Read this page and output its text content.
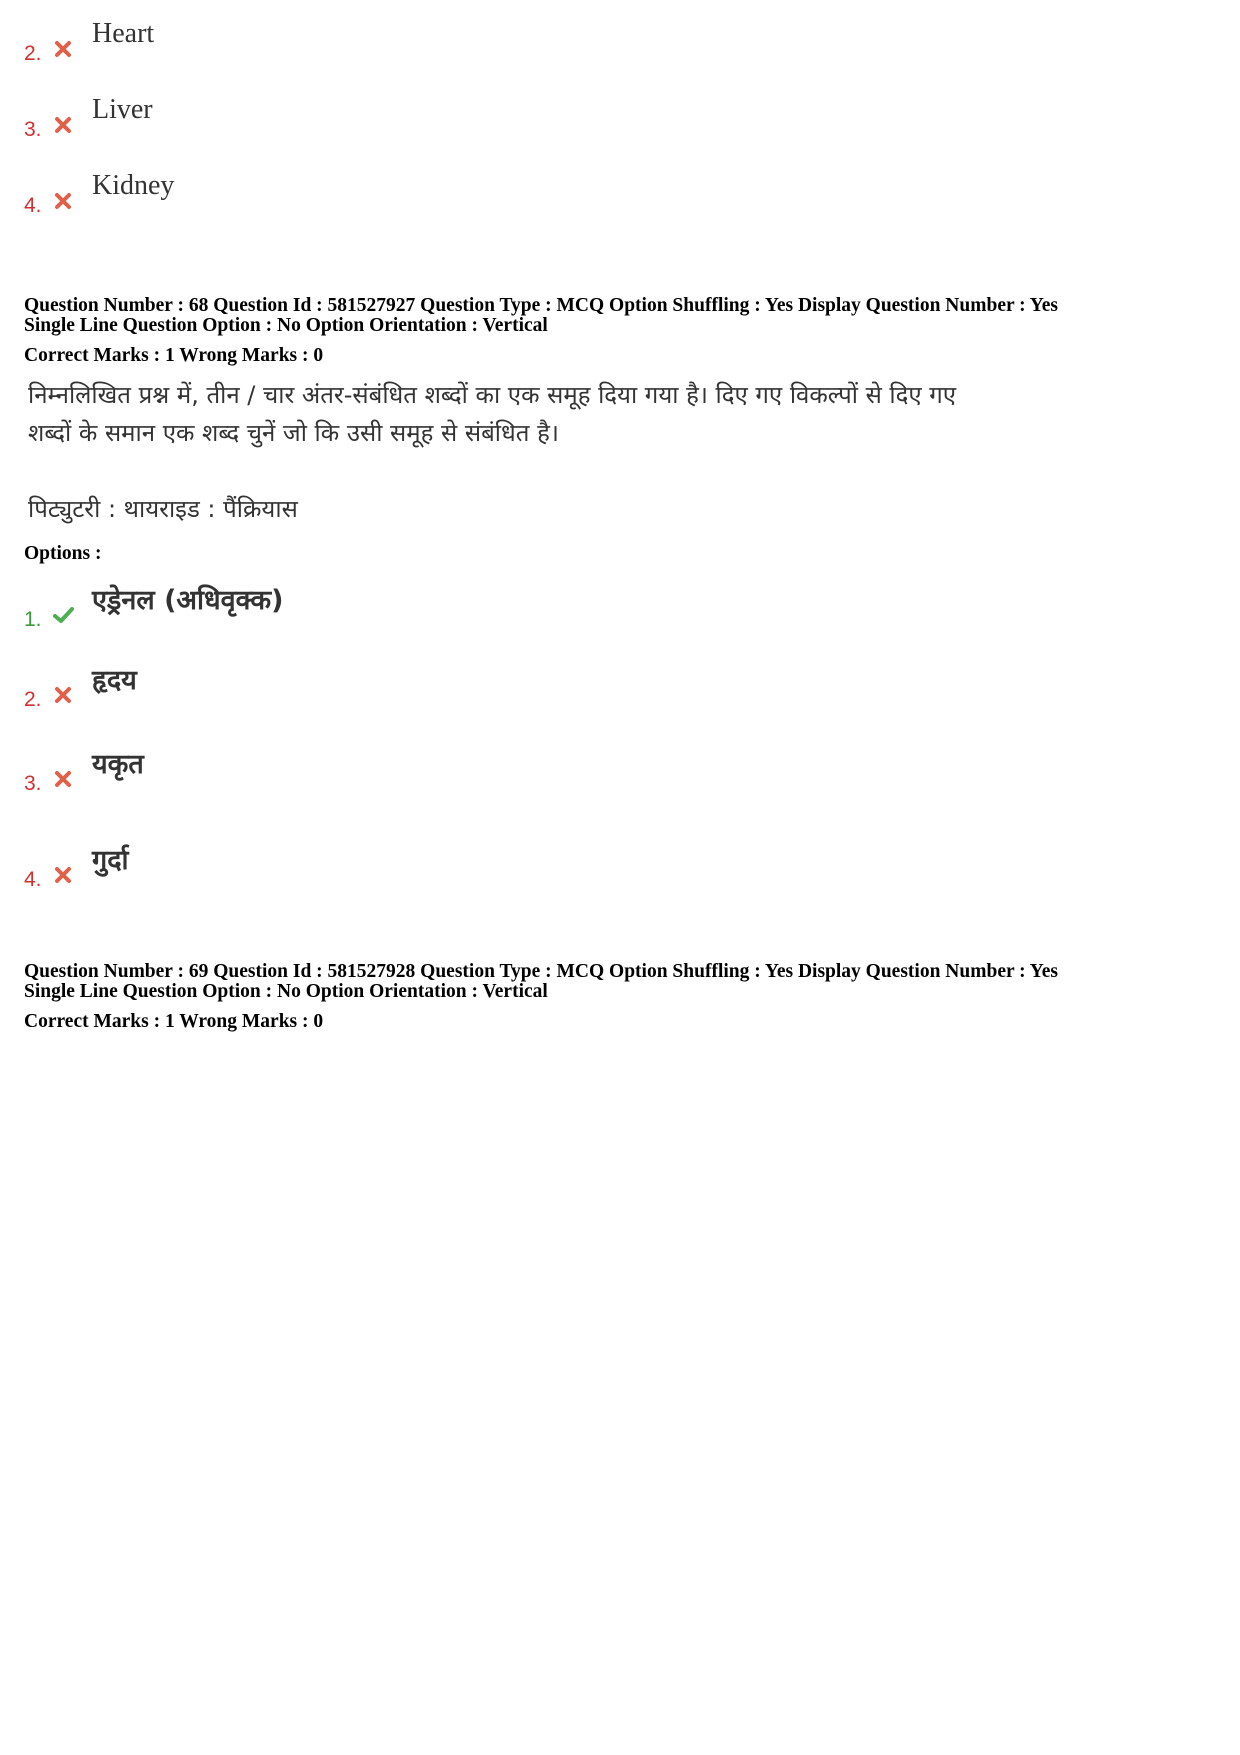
2.
Heart
3.
Liver
4.
Kidney
Question Number : 68 Question Id : 581527927 Question Type : MCQ Option Shuffling : Yes Display Question Number : Yes
Single Line Question Option : No Option Orientation : Vertical
Correct Marks : 1 Wrong Marks : 0
निम्नलिखित प्रश्न में, तीन / चार अंतर-संबंधित शब्दों का एक समूह दिया गया है। दिए गए विकल्पों से दिए गए
शब्दों के समान एक शब्द चुनें जो कि उसी समूह से संबंधित है।
पिट्युटरी : थायराइड : पैंक्रियास
Options :
1.
एड्रेनल (अधिवृक्क)
2.
हृदय
3.
यकृत
4.
गुर्दा
Question Number : 69 Question Id : 581527928 Question Type : MCQ Option Shuffling : Yes Display Question Number : Yes
Single Line Question Option : No Option Orientation : Vertical
Correct Marks : 1 Wrong Marks : 0
